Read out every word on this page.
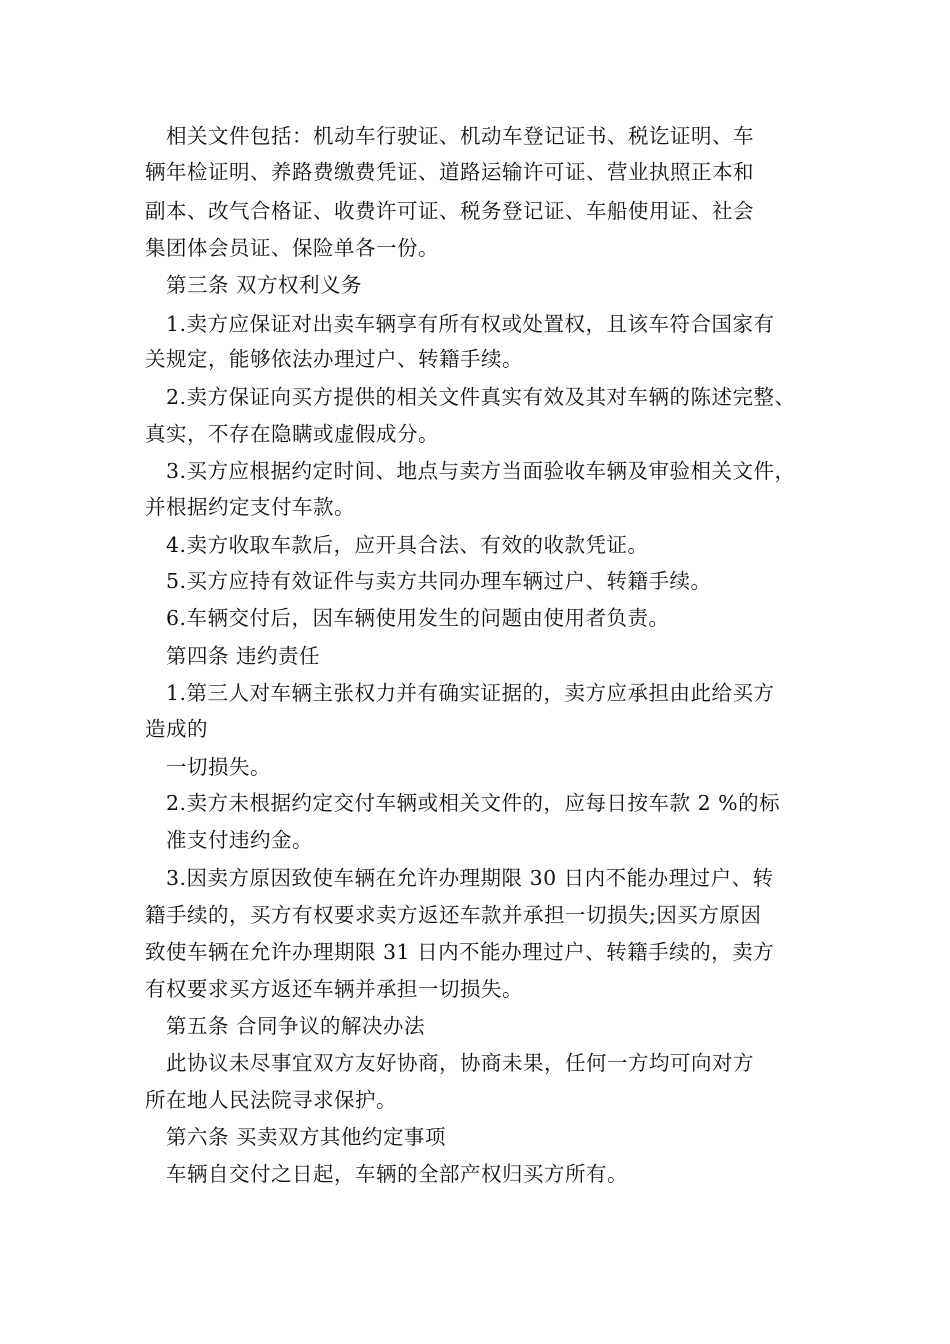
相关文件包括：机动车行驶证、机动车登记证书、税讫证明、车
辆年检证明、养路费缴费凭证、道路运输许可证、营业执照正本和
副本、改气合格证、收费许可证、税务登记证、车船使用证、社会
集团体会员证、保险单各一份。
第三条 双方权利义务
1.卖方应保证对出卖车辆享有所有权或处置权，且该车符合国家有
关规定，能够依法办理过户、转籍手续。
2.卖方保证向买方提供的相关文件真实有效及其对车辆的陈述完整、
真实，不存在隐瞒或虚假成分。
3.买方应根据约定时间、地点与卖方当面验收车辆及审验相关文件，
并根据约定支付车款。
4.卖方收取车款后，应开具合法、有效的收款凭证。
5.买方应持有效证件与卖方共同办理车辆过户、转籍手续。
6.车辆交付后，因车辆使用发生的问题由使用者负责。
第四条 违约责任
1.第三人对车辆主张权力并有确实证据的，卖方应承担由此给买方
造成的
一切损失。
2.卖方未根据约定交付车辆或相关文件的，应每日按车款 2 %的标
准支付违约金。
3.因卖方原因致使车辆在允许办理期限 30 日内不能办理过户、转
籍手续的，买方有权要求卖方返还车款并承担一切损失;因买方原因
致使车辆在允许办理期限 31 日内不能办理过户、转籍手续的，卖方
有权要求买方返还车辆并承担一切损失。
第五条 合同争议的解决办法
此协议未尽事宜双方友好协商，协商未果，任何一方均可向对方
所在地人民法院寻求保护。
第六条 买卖双方其他约定事项
车辆自交付之日起，车辆的全部产权归买方所有。
